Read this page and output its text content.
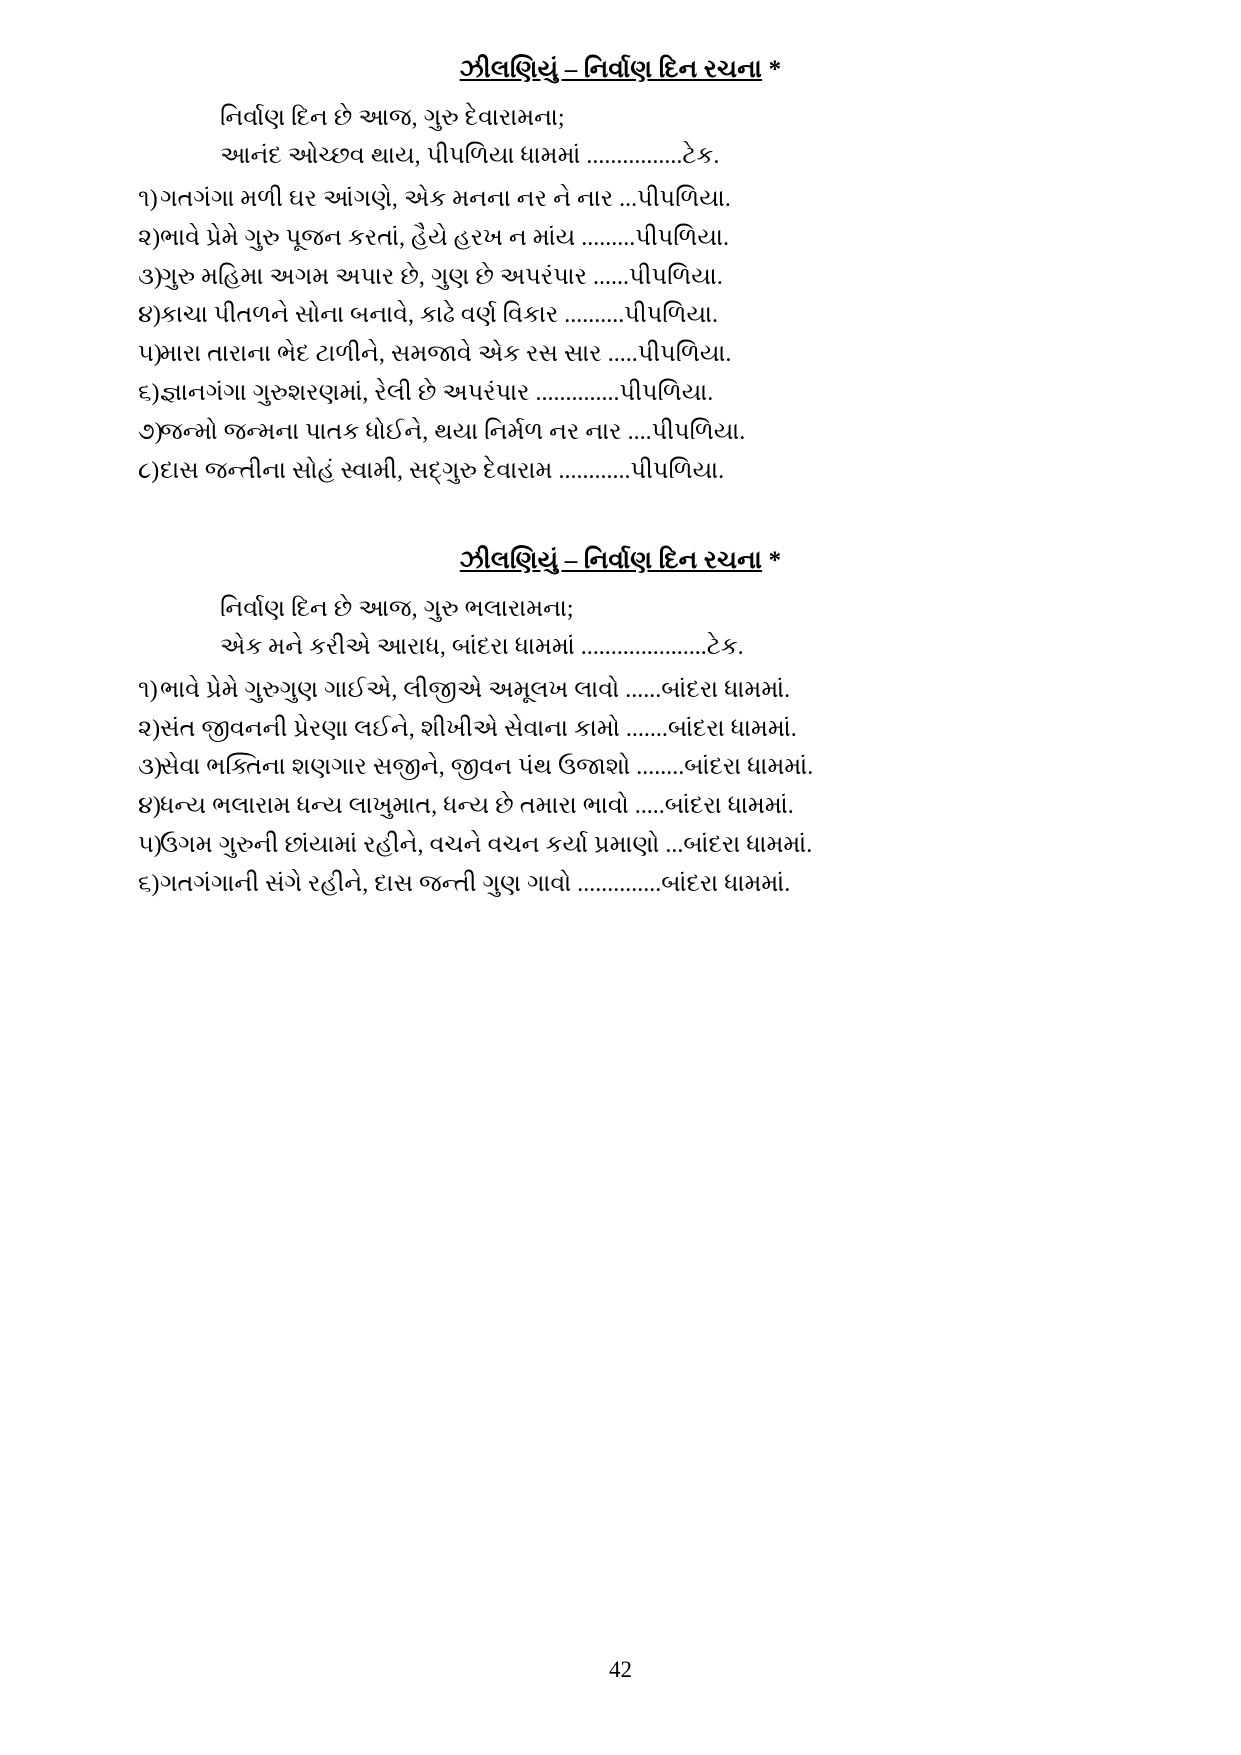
ઝીલણિયું – નિર્વાણ દિન રચના *
નિર્વાણ દિન છે આજ, ગુરુ દેવારામના;
આનંદ ઓચ્છવ થાય, પીપળિયા ધામમાં ................ટેક.
૧) ગતગંગા મળી ઘર આંગણે, એક મનના નર ને નાર ...પીપળિયા.
૨) ભાવે પ્રેમે ગુરુ પૂજન કરતાં, હૈયે હરખ ન માંય .........પીપળિયા.
૩)
ગુરુ મહિમા અગમ અપાર છે, ગુણ છે અપરંપાર ......પીપળિયા.
૪) કાચા પીતળને સોના બનાવે, કાઢે વર્ણ વિકાર ..........પીપળિયા.
૫)
મારા તારાના ભેદ ટાળીને, સમજાવે એક રસ સાર .....પીપળિયા.
૬) જ્ઞાનગંગા ગુરુશરણમાં, રેલી છે અપરંપાર ..............પીપળિયા.
૭)
જન્મો જન્મના પાતક ધોઈને, થયા નિર્મળ નર નાર ....પીપળિયા.
૮) દાસ જન્તીના સોહં સ્વામી, સદ્ગુરુ દેવારામ ............પીપળિયા.
ઝીલણિયું – નિર્વાણ દિન રચના *
નિર્વાણ દિન છે આજ, ગુરુ ભલારામના;
એક મને કરીએ આરાધ, બાંદરા ધામમાં .....................ટેક.
૧) ભાવે પ્રેમે ગુરુગુણ ગાઈએ, લીજીએ અમૂલખ લાવો ......બાંદરા ધામમાં.
૨) સંત જીવનની પ્રેરણા લઈને, શીખીએ સેવાના કામો .......બાંદરા ધામમાં.
૩)
સેવા ભક્તિના શણગાર સજીને, જીવન પંથ ઉજાશો ........બાંદરા ધામમાં.
૪) ધન્ય ભલારામ ધન્ય લાખુમાત, ધન્ય છે તમારા ભાવો .....બાંદરા ધામમાં.
૫)
ઉગમ ગુરુની છાંયામાં રહીને, વચને વચન કર્યા પ્રમાણો ...બાંદરા ધામમાં.
૬) ગતગંગાની સંગે રહીને, દાસ જન્તી ગુણ ગાવો ..............બાંદરા ધામમાં.
42
